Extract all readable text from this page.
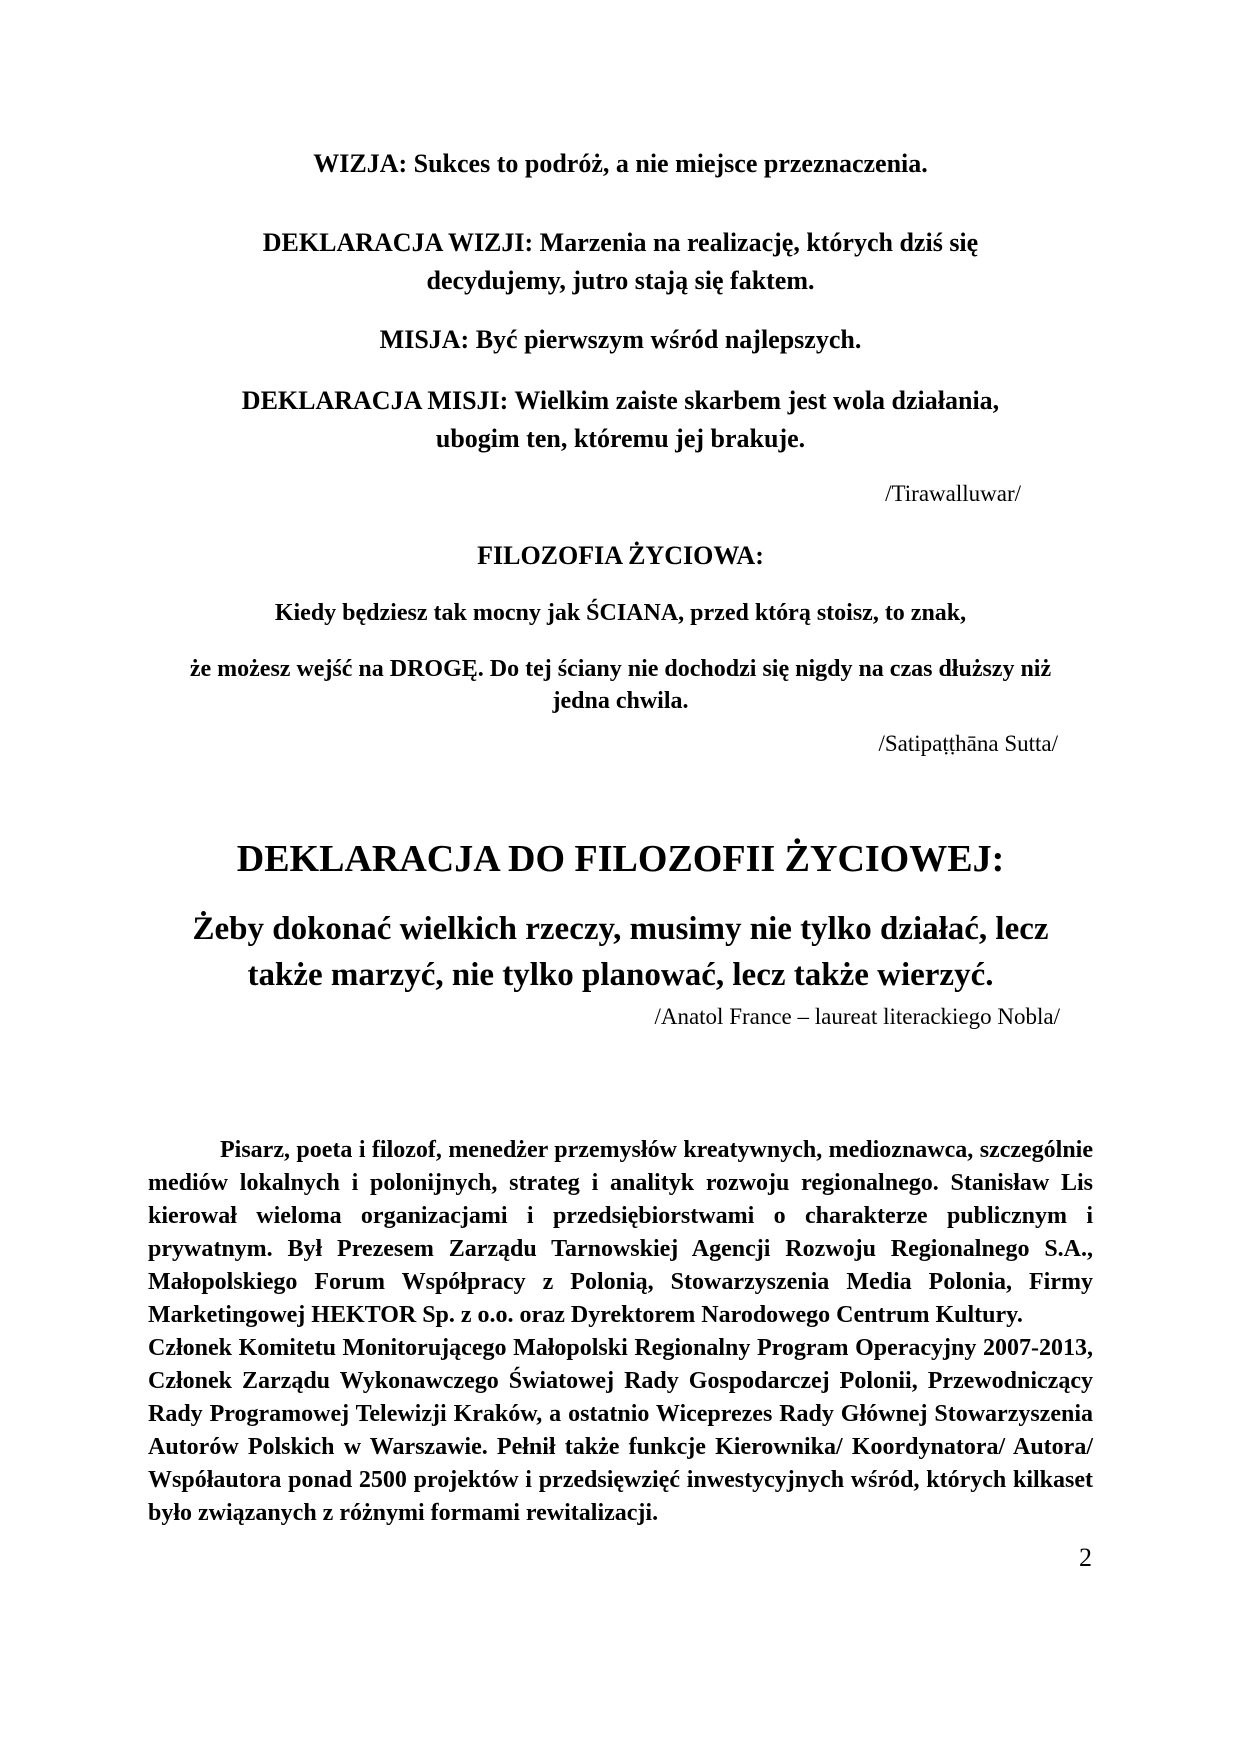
WIZJA: Sukces to podróż, a nie miejsce przeznaczenia.
DEKLARACJA WIZJI: Marzenia na realizację, których dziś się
decydujemy, jutro stają się faktem.
MISJA: Być pierwszym wśród najlepszych.
DEKLARACJA MISJI: Wielkim zaiste skarbem jest wola działania,
ubogim ten, któremu jej brakuje.
/Tirawalluwar/
FILOZOFIA ŻYCIOWA:
Kiedy będziesz tak mocny jak ŚCIANA, przed którą stoisz, to znak,
że możesz wejść na DROGĘ. Do tej ściany nie dochodzi się nigdy na czas dłuższy niż
jedna chwila.
/Satipaṭṭhāna Sutta/
DEKLARACJA DO FILOZOFII ŻYCIOWEJ:
Żeby dokonać wielkich rzeczy, musimy nie tylko działać, lecz
także marzyć, nie tylko planować, lecz także wierzyć.
/Anatol France – laureat literackiego Nobla/

Pisarz, poeta i filozof, menedżer przemysłów kreatywnych, medioznawca, szczególnie mediów lokalnych i polonijnych, strateg i analityk rozwoju regionalnego. Stanisław Lis kierował wieloma organizacjami i przedsiębiorstwami o charakterze publicznym i prywatnym. Był Prezesem Zarządu Tarnowskiej Agencji Rozwoju Regionalnego S.A., Małopolskiego Forum Współpracy z Polonią, Stowarzyszenia Media Polonia, Firmy Marketingowej HEKTOR Sp. z o.o. oraz Dyrektorem Narodowego Centrum Kultury.

Członek Komitetu Monitorującego Małopolski Regionalny Program Operacyjny 2007-2013, Członek Zarządu Wykonawczego Światowej Rady Gospodarczej Polonii, Przewodniczący Rady Programowej Telewizji Kraków, a ostatnio Wiceprezes Rady Głównej Stowarzyszenia Autorów Polskich w Warszawie. Pełnił także funkcje Kierownika/ Koordynatora/ Autora/ Współautora ponad 2500 projektów i przedsięwzięć inwestycyjnych wśród, których kilkaset było związanych z różnymi formami rewitalizacji.

2
